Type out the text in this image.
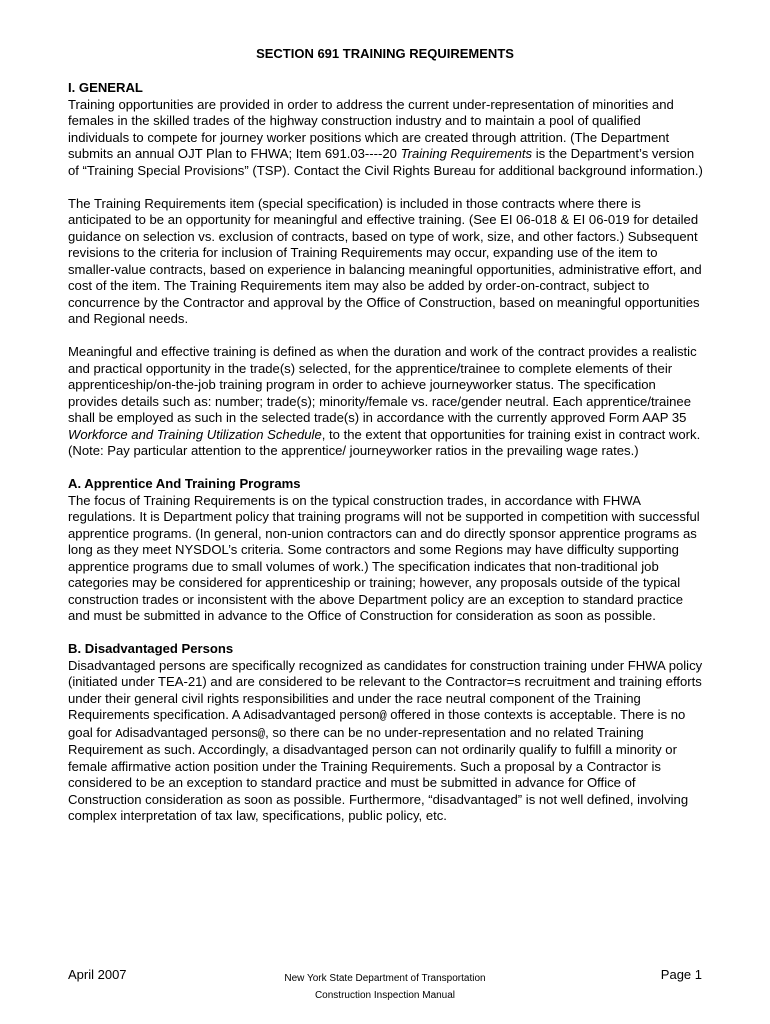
SECTION 691 TRAINING REQUIREMENTS

I. GENERAL

Training opportunities are provided in order to address the current under-representation of minorities and females in the skilled trades of the highway construction industry and to maintain a pool of qualified individuals to compete for journey worker positions which are created through attrition. (The Department submits an annual OJT Plan to FHWA; Item 691.03----20 Training Requirements is the Department’s version of “Training Special Provisions” (TSP). Contact the Civil Rights Bureau for additional background information.)

The Training Requirements item (special specification) is included in those contracts where there is anticipated to be an opportunity for meaningful and effective training. (See EI 06-018 & EI 06-019 for detailed guidance on selection vs. exclusion of contracts, based on type of work, size, and other factors.) Subsequent revisions to the criteria for inclusion of Training Requirements may occur, expanding use of the item to smaller-value contracts, based on experience in balancing meaningful opportunities, administrative effort, and cost of the item. The Training Requirements item may also be added by order-on-contract, subject to concurrence by the Contractor and approval by the Office of Construction, based on meaningful opportunities and Regional needs.

Meaningful and effective training is defined as when the duration and work of the contract provides a realistic and practical opportunity in the trade(s) selected, for the apprentice/trainee to complete elements of their apprenticeship/on-the-job training program in order to achieve journeyworker status. The specification provides details such as: number; trade(s); minority/female vs. race/gender neutral. Each apprentice/trainee shall be employed as such in the selected trade(s) in accordance with the currently approved Form AAP 35 Workforce and Training Utilization Schedule, to the extent that opportunities for training exist in contract work. (Note: Pay particular attention to the apprentice/ journeyworker ratios in the prevailing wage rates.)

A. Apprentice And Training Programs

The focus of Training Requirements is on the typical construction trades, in accordance with FHWA regulations. It is Department policy that training programs will not be supported in competition with successful apprentice programs. (In general, non-union contractors can and do directly sponsor apprentice programs as long as they meet NYSDOL’s criteria. Some contractors and some Regions may have difficulty supporting apprentice programs due to small volumes of work.) The specification indicates that non-traditional job categories may be considered for apprenticeship or training; however, any proposals outside of the typical construction trades or inconsistent with the above Department policy are an exception to standard practice and must be submitted in advance to the Office of Construction for consideration as soon as possible.

B. Disadvantaged Persons

Disadvantaged persons are specifically recognized as candidates for construction training under FHWA policy (initiated under TEA-21) and are considered to be relevant to the Contractor=s recruitment and training efforts under their general civil rights responsibilities and under the race neutral component of the Training Requirements specification. A Adisadvantaged person@ offered in those contexts is acceptable. There is no goal for Adisadvantaged persons@, so there can be no under-representation and no related Training Requirement as such. Accordingly, a disadvantaged person can not ordinarily qualify to fulfill a minority or female affirmative action position under the Training Requirements. Such a proposal by a Contractor is considered to be an exception to standard practice and must be submitted in advance for Office of Construction consideration as soon as possible. Furthermore, “disadvantaged” is not well defined, involving complex interpretation of tax law, specifications, public policy, etc.

April 2007	New York State Department of Transportation
Construction Inspection Manual
Page 1
